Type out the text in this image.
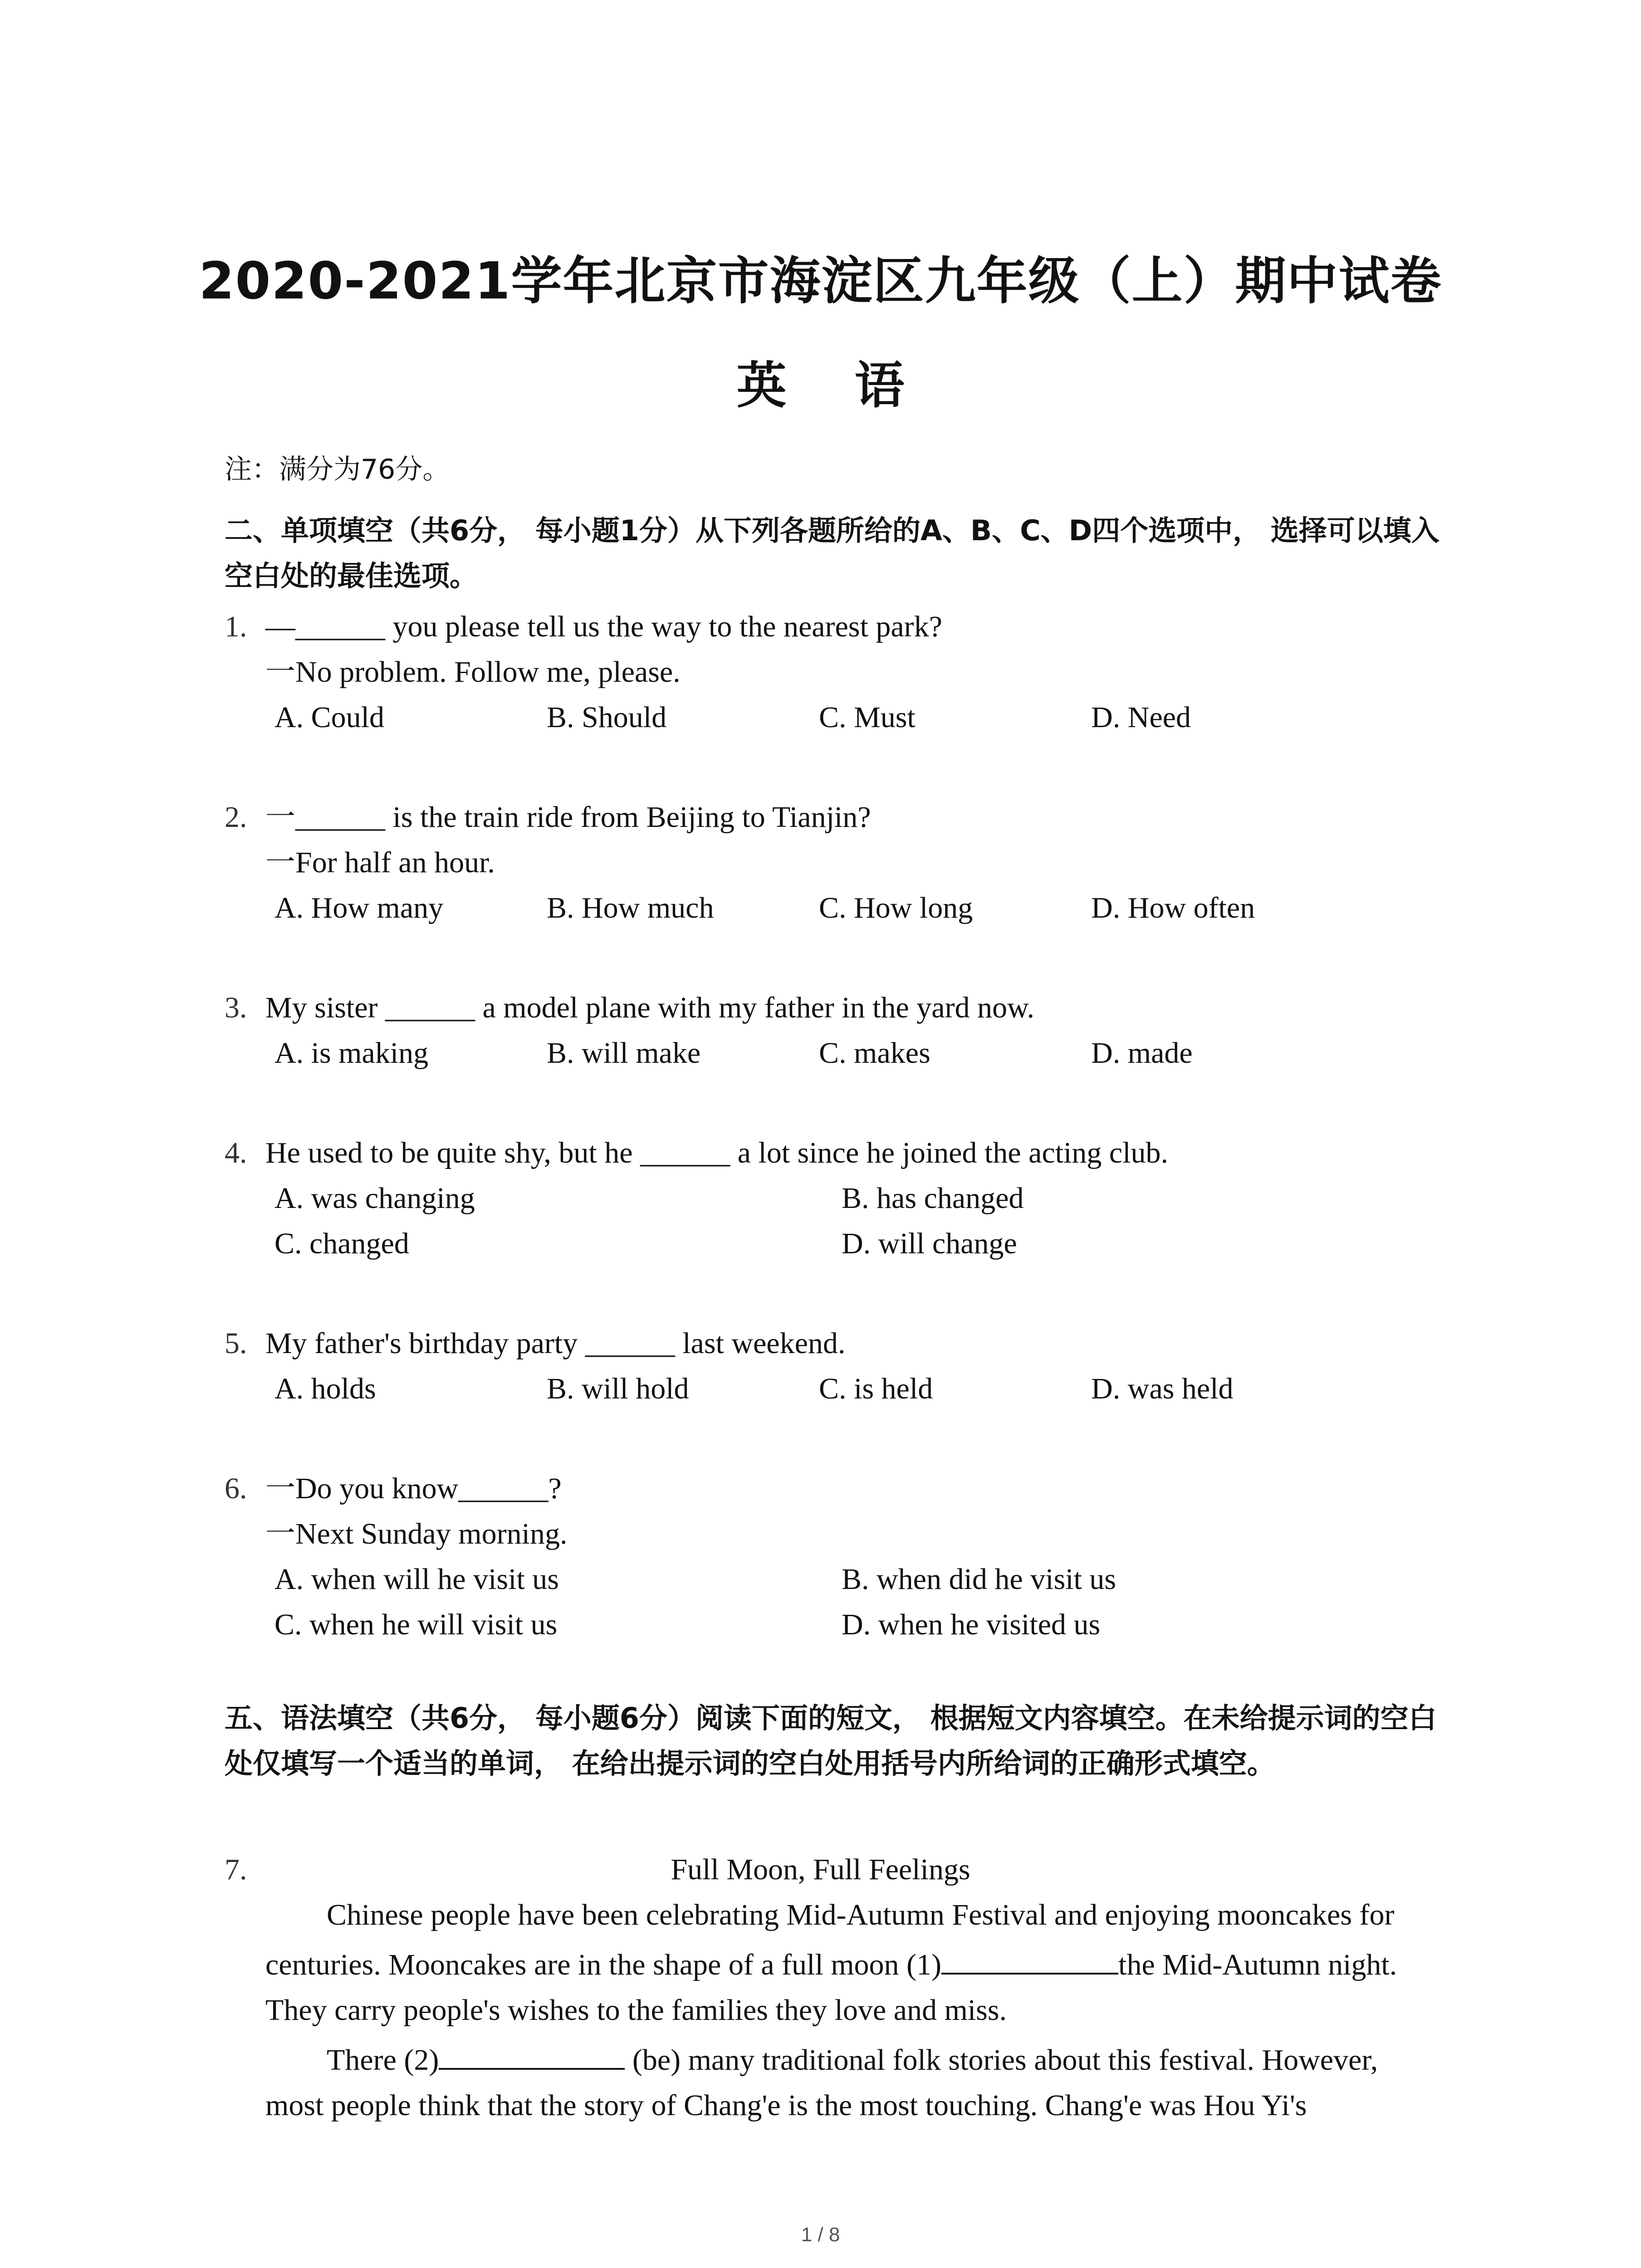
2020-2021学年北京市海淀区九年级（上）期中试卷
英语
注：满分为76分。
二、单项填空（共6分， 每小题1分）从下列各题所给的A、B、C、D四个选项中， 选择可以填入空白处的最佳选项。
1. —______ you please tell us the way to the nearest park?
一No problem. Follow me, please.
A. Could	B. Should	C. Must	D. Need
2. 一______ is the train ride from Beijing to Tianjin?
一For half an hour.
A. How many	B. How much	C. How long	D. How often
3. My sister ______ a model plane with my father in the yard now.
A. is making	B. will make	C. makes	D. made
4. He used to be quite shy, but he ______ a lot since he joined the acting club.
A. was changing	B. has changed
C. changed	D. will change
5. My father's birthday party ______ last weekend.
A. holds	B. will hold	C. is held	D. was held
6. 一Do you know______?
一Next Sunday morning.
A. when will he visit us	B. when did he visit us
C. when he will visit us	D. when he visited us
五、语法填空（共6分， 每小题6分）阅读下面的短文， 根据短文内容填空。在未给提示词的空白处仅填写一个适当的单词， 在给出提示词的空白处用括号内所给词的正确形式填空。
7.	Full Moon, Full Feelings
Chinese people have been celebrating Mid-Autumn Festival and enjoying mooncakes for
centuries. Mooncakes are in the shape of a full moon (1)	the Mid-Autumn night.
They carry people's wishes to the families they love and miss.
There (2)	(be) many traditional folk stories about this festival. However,
most people think that the story of Chang'e is the most touching. Chang'e was Hou Yi's
1 / 8
